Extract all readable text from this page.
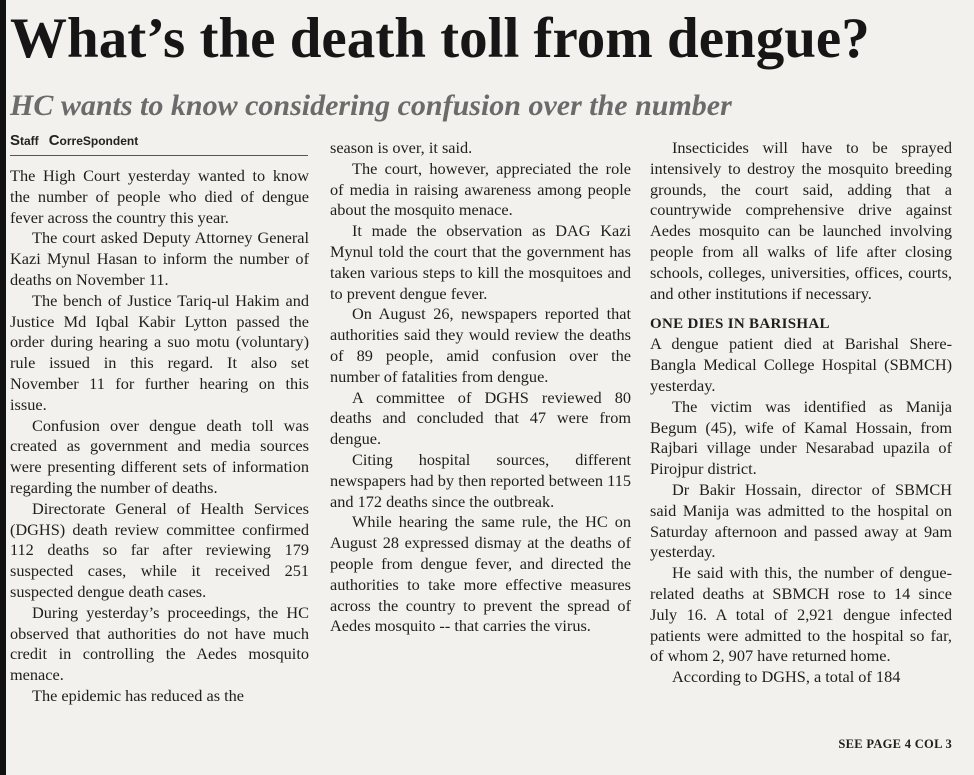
What’s the death toll from dengue?
HC wants to know considering confusion over the number
Staff CorreSpondent

The High Court yesterday wanted to know the number of people who died of dengue fever across the country this year.

The court asked Deputy Attorney General Kazi Mynul Hasan to inform the number of deaths on November 11.

The bench of Justice Tariq-ul Hakim and Justice Md Iqbal Kabir Lytton passed the order during hearing a suo motu (voluntary) rule issued in this regard. It also set November 11 for further hearing on this issue.

Confusion over dengue death toll was created as government and media sources were presenting different sets of information regarding the number of deaths.

Directorate General of Health Services (DGHS) death review committee confirmed 112 deaths so far after reviewing 179 suspected cases, while it received 251 suspected dengue death cases.

During yesterday’s proceedings, the HC observed that authorities do not have much credit in controlling the Aedes mosquito menace.

The epidemic has reduced as the

season is over, it said.

The court, however, appreciated the role of media in raising awareness among people about the mosquito menace.

It made the observation as DAG Kazi Mynul told the court that the government has taken various steps to kill the mosquitoes and to prevent dengue fever.

On August 26, newspapers reported that authorities said they would review the deaths of 89 people, amid confusion over the number of fatalities from dengue.

A committee of DGHS reviewed 80 deaths and concluded that 47 were from dengue.

Citing hospital sources, different newspapers had by then reported between 115 and 172 deaths since the outbreak.

While hearing the same rule, the HC on August 28 expressed dismay at the deaths of people from dengue fever, and directed the authorities to take more effective measures across the country to prevent the spread of Aedes mosquito -- that carries the virus.

Insecticides will have to be sprayed intensively to destroy the mosquito breeding grounds, the court said, adding that a countrywide comprehensive drive against Aedes mosquito can be launched involving people from all walks of life after closing schools, colleges, universities, offices, courts, and other institutions if necessary.

ONE DIES IN BARISHAL

A dengue patient died at Barishal Shere-Bangla Medical College Hospital (SBMCH) yesterday.

The victim was identified as Manija Begum (45), wife of Kamal Hossain, from Rajbari village under Nesarabad upazila of Pirojpur district.

Dr Bakir Hossain, director of SBMCH said Manija was admitted to the hospital on Saturday afternoon and passed away at 9am yesterday.

He said with this, the number of dengue-related deaths at SBMCH rose to 14 since July 16. A total of 2,921 dengue infected patients were admitted to the hospital so far, of whom 2, 907 have returned home.

According to DGHS, a total of 184

SEE PAGE 4 COL 3
